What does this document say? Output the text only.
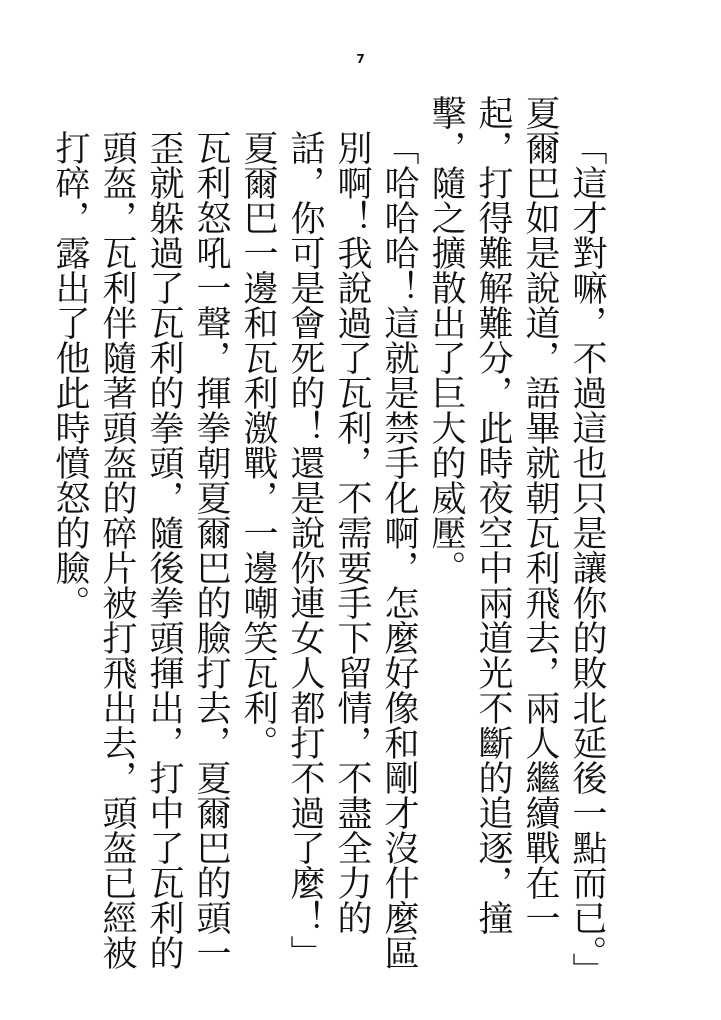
7

「這才對嘛，不過這也只是讓你的敗北延後一點而已。」

夏爾巴如是說道，語畢就朝瓦利飛去，兩人繼續戰在一起，打得難解難分，此時夜空中兩道光不斷的追逐，撞擊，隨之擴散出了巨大的威壓。

「哈哈哈！這就是禁手化啊，怎麼好像和剛才沒什麼區別啊！我說過了瓦利，不需要手下留情，不盡全力的話，你可是會死的！還是說你連女人都打不過了麼！」

夏爾巴一邊和瓦利激戰，一邊嘲笑瓦利。

瓦利怒吼一聲，揮拳朝夏爾巴的臉打去，夏爾巴的頭一歪就躲過了瓦利的拳頭，隨後拳頭揮出，打中了瓦利的頭盔，瓦利伴隨著頭盔的碎片被打飛出去，頭盔已經被打碎，露出了他此時憤怒的臉。
